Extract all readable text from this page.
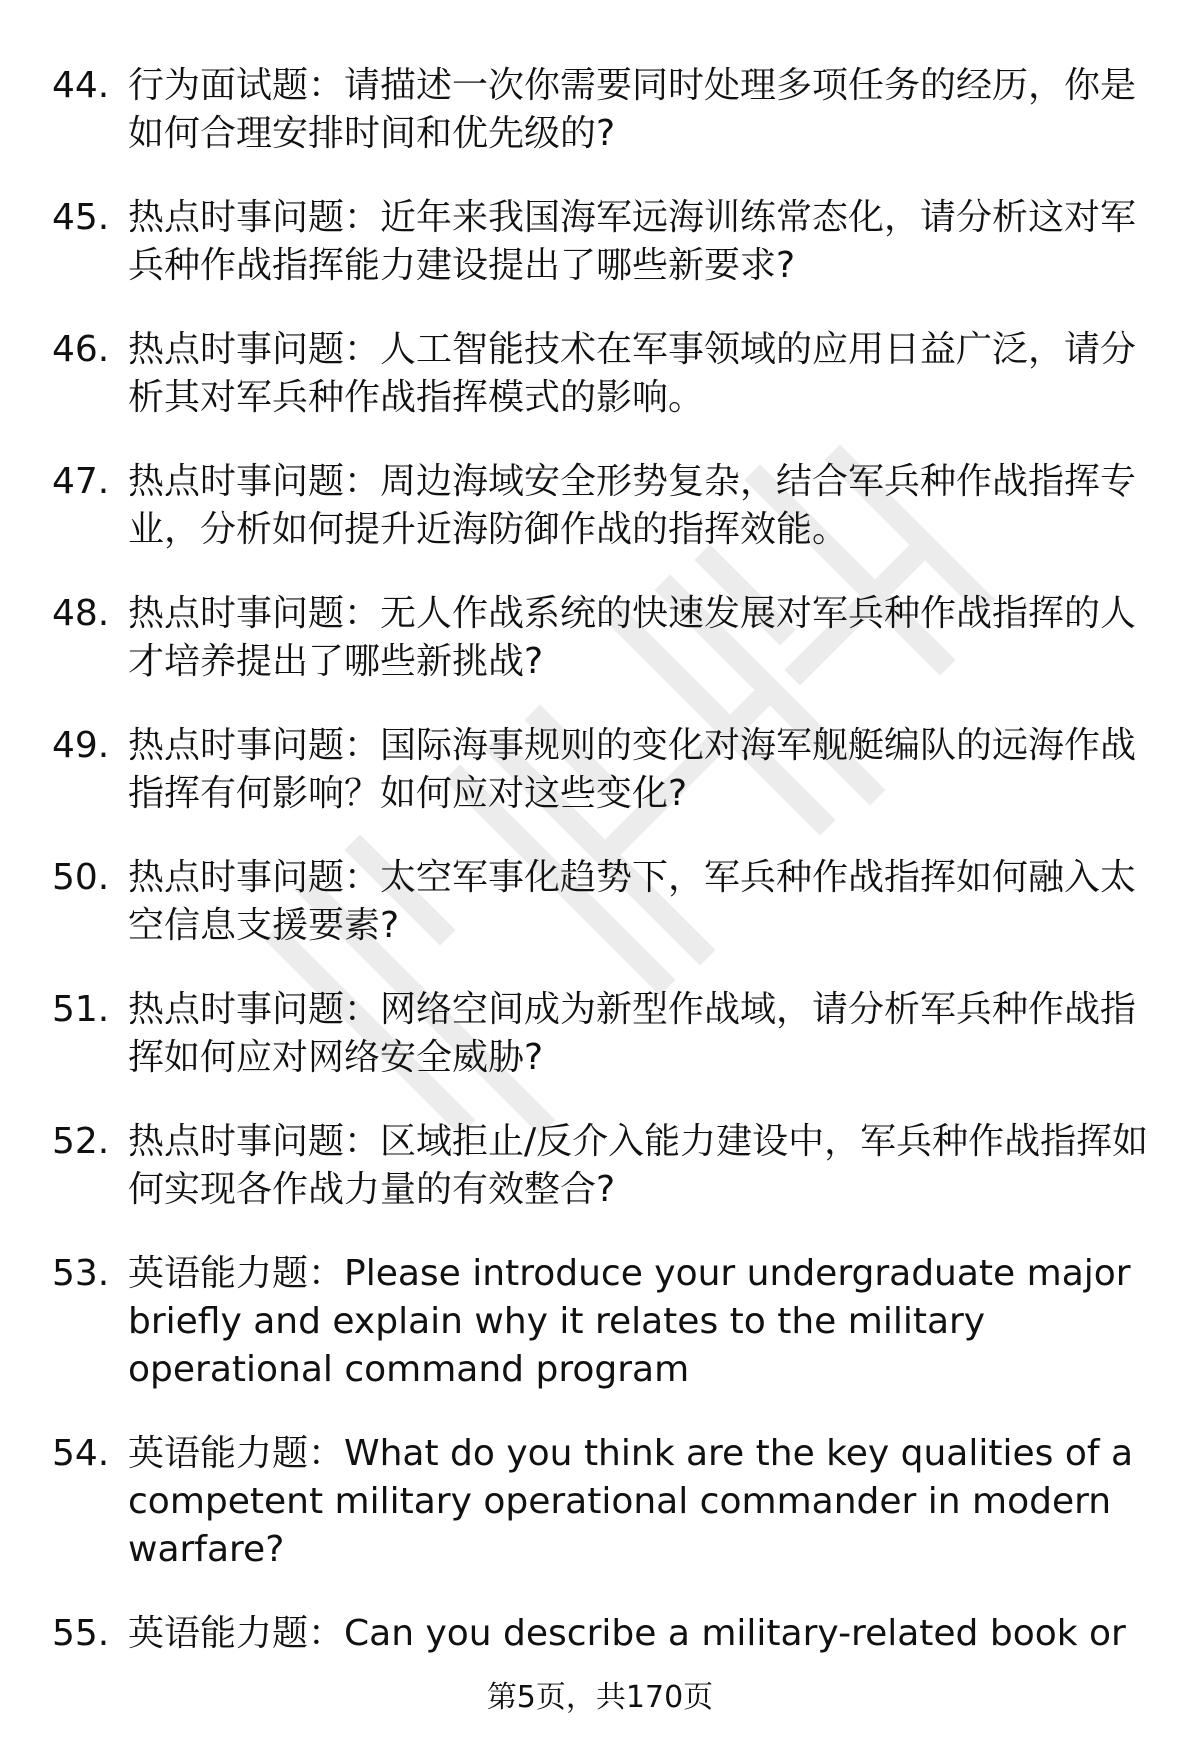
44. 行为面试题：请描述一次你需要同时处理多项任务的经历，你是如何合理安排时间和优先级的?
45. 热点时事问题：近年来我国海军远海训练常态化，请分析这对军兵种作战指挥能力建设提出了哪些新要求?
46. 热点时事问题：人工智能技术在军事领域的应用日益广泛，请分析其对军兵种作战指挥模式的影响。
47. 热点时事问题：周边海域安全形势复杂，结合军兵种作战指挥专业，分析如何提升近海防御作战的指挥效能。
48. 热点时事问题：无人作战系统的快速发展对军兵种作战指挥的人才培养提出了哪些新挑战?
49. 热点时事问题：国际海事规则的变化对海军舰艇编队的远海作战指挥有何影响？如何应对这些变化?
50. 热点时事问题：太空军事化趋势下，军兵种作战指挥如何融入太空信息支援要素?
51. 热点时事问题：网络空间成为新型作战域，请分析军兵种作战指挥如何应对网络安全威胁?
52. 热点时事问题：区域拒止/反介入能力建设中，军兵种作战指挥如何实现各作战力量的有效整合?
53. 英语能力题：Please introduce your undergraduate major briefly and explain why it relates to the military operational command program
54. 英语能力题：What do you think are the key qualities of a competent military operational commander in modern warfare?
55. 英语能力题：Can you describe a military-related book or
第5页，共170页
